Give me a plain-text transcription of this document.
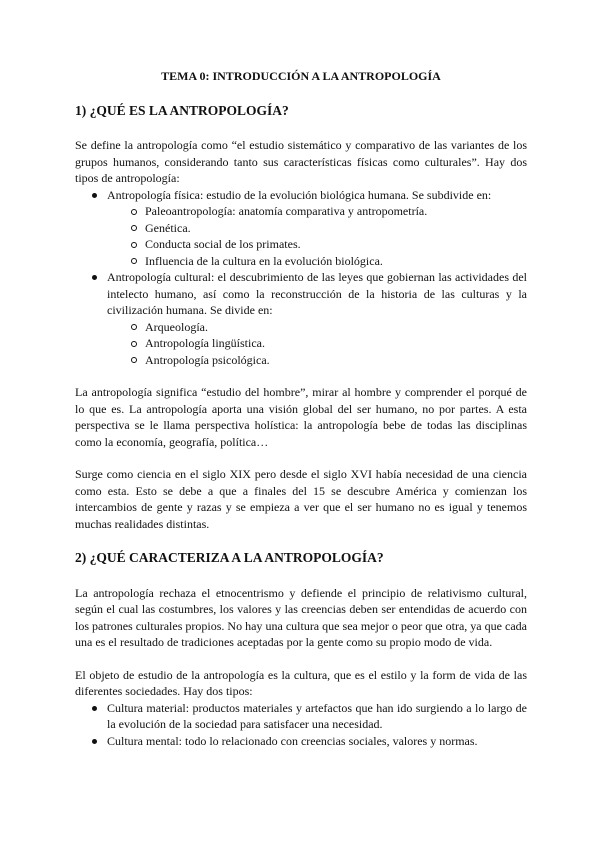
TEMA 0: INTRODUCCIÓN A LA ANTROPOLOGÍA
1) ¿QUÉ ES LA ANTROPOLOGÍA?

Se define la antropología como “el estudio sistemático y comparativo de las variantes de los grupos humanos, considerando tanto sus características físicas como culturales”. Hay dos tipos de antropología:

Antropología física: estudio de la evolución biológica humana. Se subdivide en:
Paleoantropología: anatomía comparativa y antropometría.
Genética.
Conducta social de los primates.
Influencia de la cultura en la evolución biológica.
Antropología cultural: el descubrimiento de las leyes que gobiernan las actividades del intelecto humano, así como la reconstrucción de la historia de las culturas y la civilización humana. Se divide en:
Arqueología.
Antropología lingüística.
Antropología psicológica.

La antropología significa “estudio del hombre”, mirar al hombre y comprender el porqué de lo que es. La antropología aporta una visión global del ser humano, no por partes. A esta perspectiva se le llama perspectiva holística: la antropología bebe de todas las disciplinas como la economía, geografía, política…

Surge como ciencia en el siglo XIX pero desde el siglo XVI había necesidad de una ciencia como esta. Esto se debe a que a finales del 15 se descubre América y comienzan los intercambios de gente y razas y se empieza a ver que el ser humano no es igual y tenemos muchas realidades distintas.

2) ¿QUÉ CARACTERIZA A LA ANTROPOLOGÍA?

La antropología rechaza el etnocentrismo y defiende el principio de relativismo cultural, según el cual las costumbres, los valores y las creencias deben ser entendidas de acuerdo con los patrones culturales propios. No hay una cultura que sea mejor o peor que otra, ya que cada una es el resultado de tradiciones aceptadas por la gente como su propio modo de vida.

El objeto de estudio de la antropología es la cultura, que es el estilo y la form de vida de las diferentes sociedades. Hay dos tipos:

Cultura material: productos materiales y artefactos que han ido surgiendo a lo largo de la evolución de la sociedad para satisfacer una necesidad.
Cultura mental: todo lo relacionado con creencias sociales, valores y normas.
